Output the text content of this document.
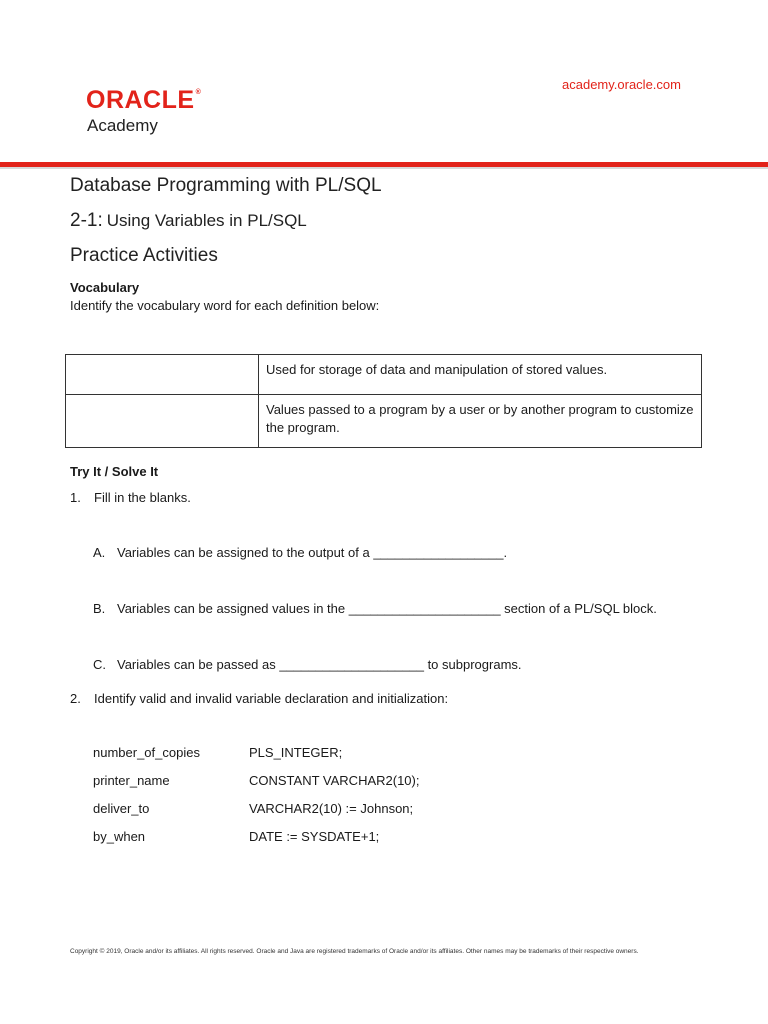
ORACLE®
Academy
academy.oracle.com
Database Programming with PL/SQL
2-1: Using Variables in PL/SQL
Practice Activities
Vocabulary
Identify the vocabulary word for each definition below:
	Used for storage of data and manipulation of stored values.
	Values passed to a program by a user or by another program to customize the program.
Try It / Solve It
1. Fill in the blanks.
A. Variables can be assigned to the output of a __________________.
B. Variables can be assigned values in the _____________________ section of a PL/SQL block.
C. Variables can be passed as ____________________ to subprograms.
2. Identify valid and invalid variable declaration and initialization:
number_of_copies	PLS_INTEGER;
printer_name	CONSTANT VARCHAR2(10);
deliver_to	VARCHAR2(10) := Johnson;
by_when	DATE := SYSDATE+1;
Copyright © 2019, Oracle and/or its affiliates. All rights reserved. Oracle and Java are registered trademarks of Oracle and/or its affiliates. Other names may be trademarks of their respective owners.
